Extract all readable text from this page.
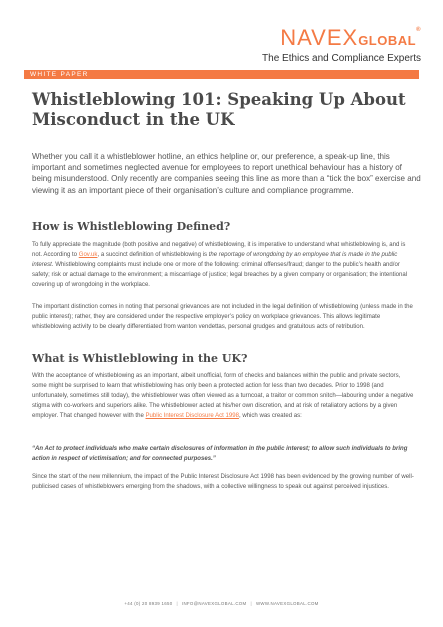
NAVEXGLOBAL®
The Ethics and Compliance Experts
WHITE PAPER
Whistleblowing 101: Speaking Up About Misconduct in the UK

Whether you call it a whistleblower hotline, an ethics helpline or, our preference, a speak-up line, this important and sometimes neglected avenue for employees to report unethical behaviour has a history of being misunderstood. Only recently are companies seeing this line as more than a “tick the box” exercise and viewing it as an important piece of their organisation’s culture and compliance programme.

How is Whistleblowing Defined?

To fully appreciate the magnitude (both positive and negative) of whistleblowing, it is imperative to understand what whistleblowing is, and is not. According to Gov.uk, a succinct definition of whistleblowing is the reportage of wrongdoing by an employee that is made in the public interest. Whistleblowing complaints must include one or more of the following: criminal offenses/fraud; danger to the public’s health and/or safety; risk or actual damage to the environment; a miscarriage of justice; legal breaches by a given company or organisation; the intentional covering up of wrongdoing in the workplace.

The important distinction comes in noting that personal grievances are not included in the legal definition of whistleblowing (unless made in the public interest); rather, they are considered under the respective employer’s policy on workplace grievances. This allows legitimate whistleblowing activity to be clearly differentiated from wanton vendettas, personal grudges and gratuitous acts of retribution.

What is Whistleblowing in the UK?

With the acceptance of whistleblowing as an important, albeit unofficial, form of checks and balances within the public and private sectors, some might be surprised to learn that whistleblowing has only been a protected action for less than two decades. Prior to 1998 (and unfortunately, sometimes still today), the whistleblower was often viewed as a turncoat, a traitor or common snitch—labouring under a negative stigma with co-workers and superiors alike. The whistleblower acted at his/her own discretion, and at risk of retaliatory actions by a given employer. That changed however with the Public Interest Disclosure Act 1998, which was created as:

“An Act to protect individuals who make certain disclosures of information in the public interest; to allow such individuals to bring action in respect of victimisation; and for connected purposes.”

Since the start of the new millennium, the impact of the Public Interest Disclosure Act 1998 has been evidenced by the growing number of well-publicised cases of whistleblowers emerging from the shadows, with a collective willingness to speak out against perceived injustices.

+44 (0) 20 8939 1650 | INFO@NAVEXGLOBAL.COM | WWW.NAVEXGLOBAL.COM
